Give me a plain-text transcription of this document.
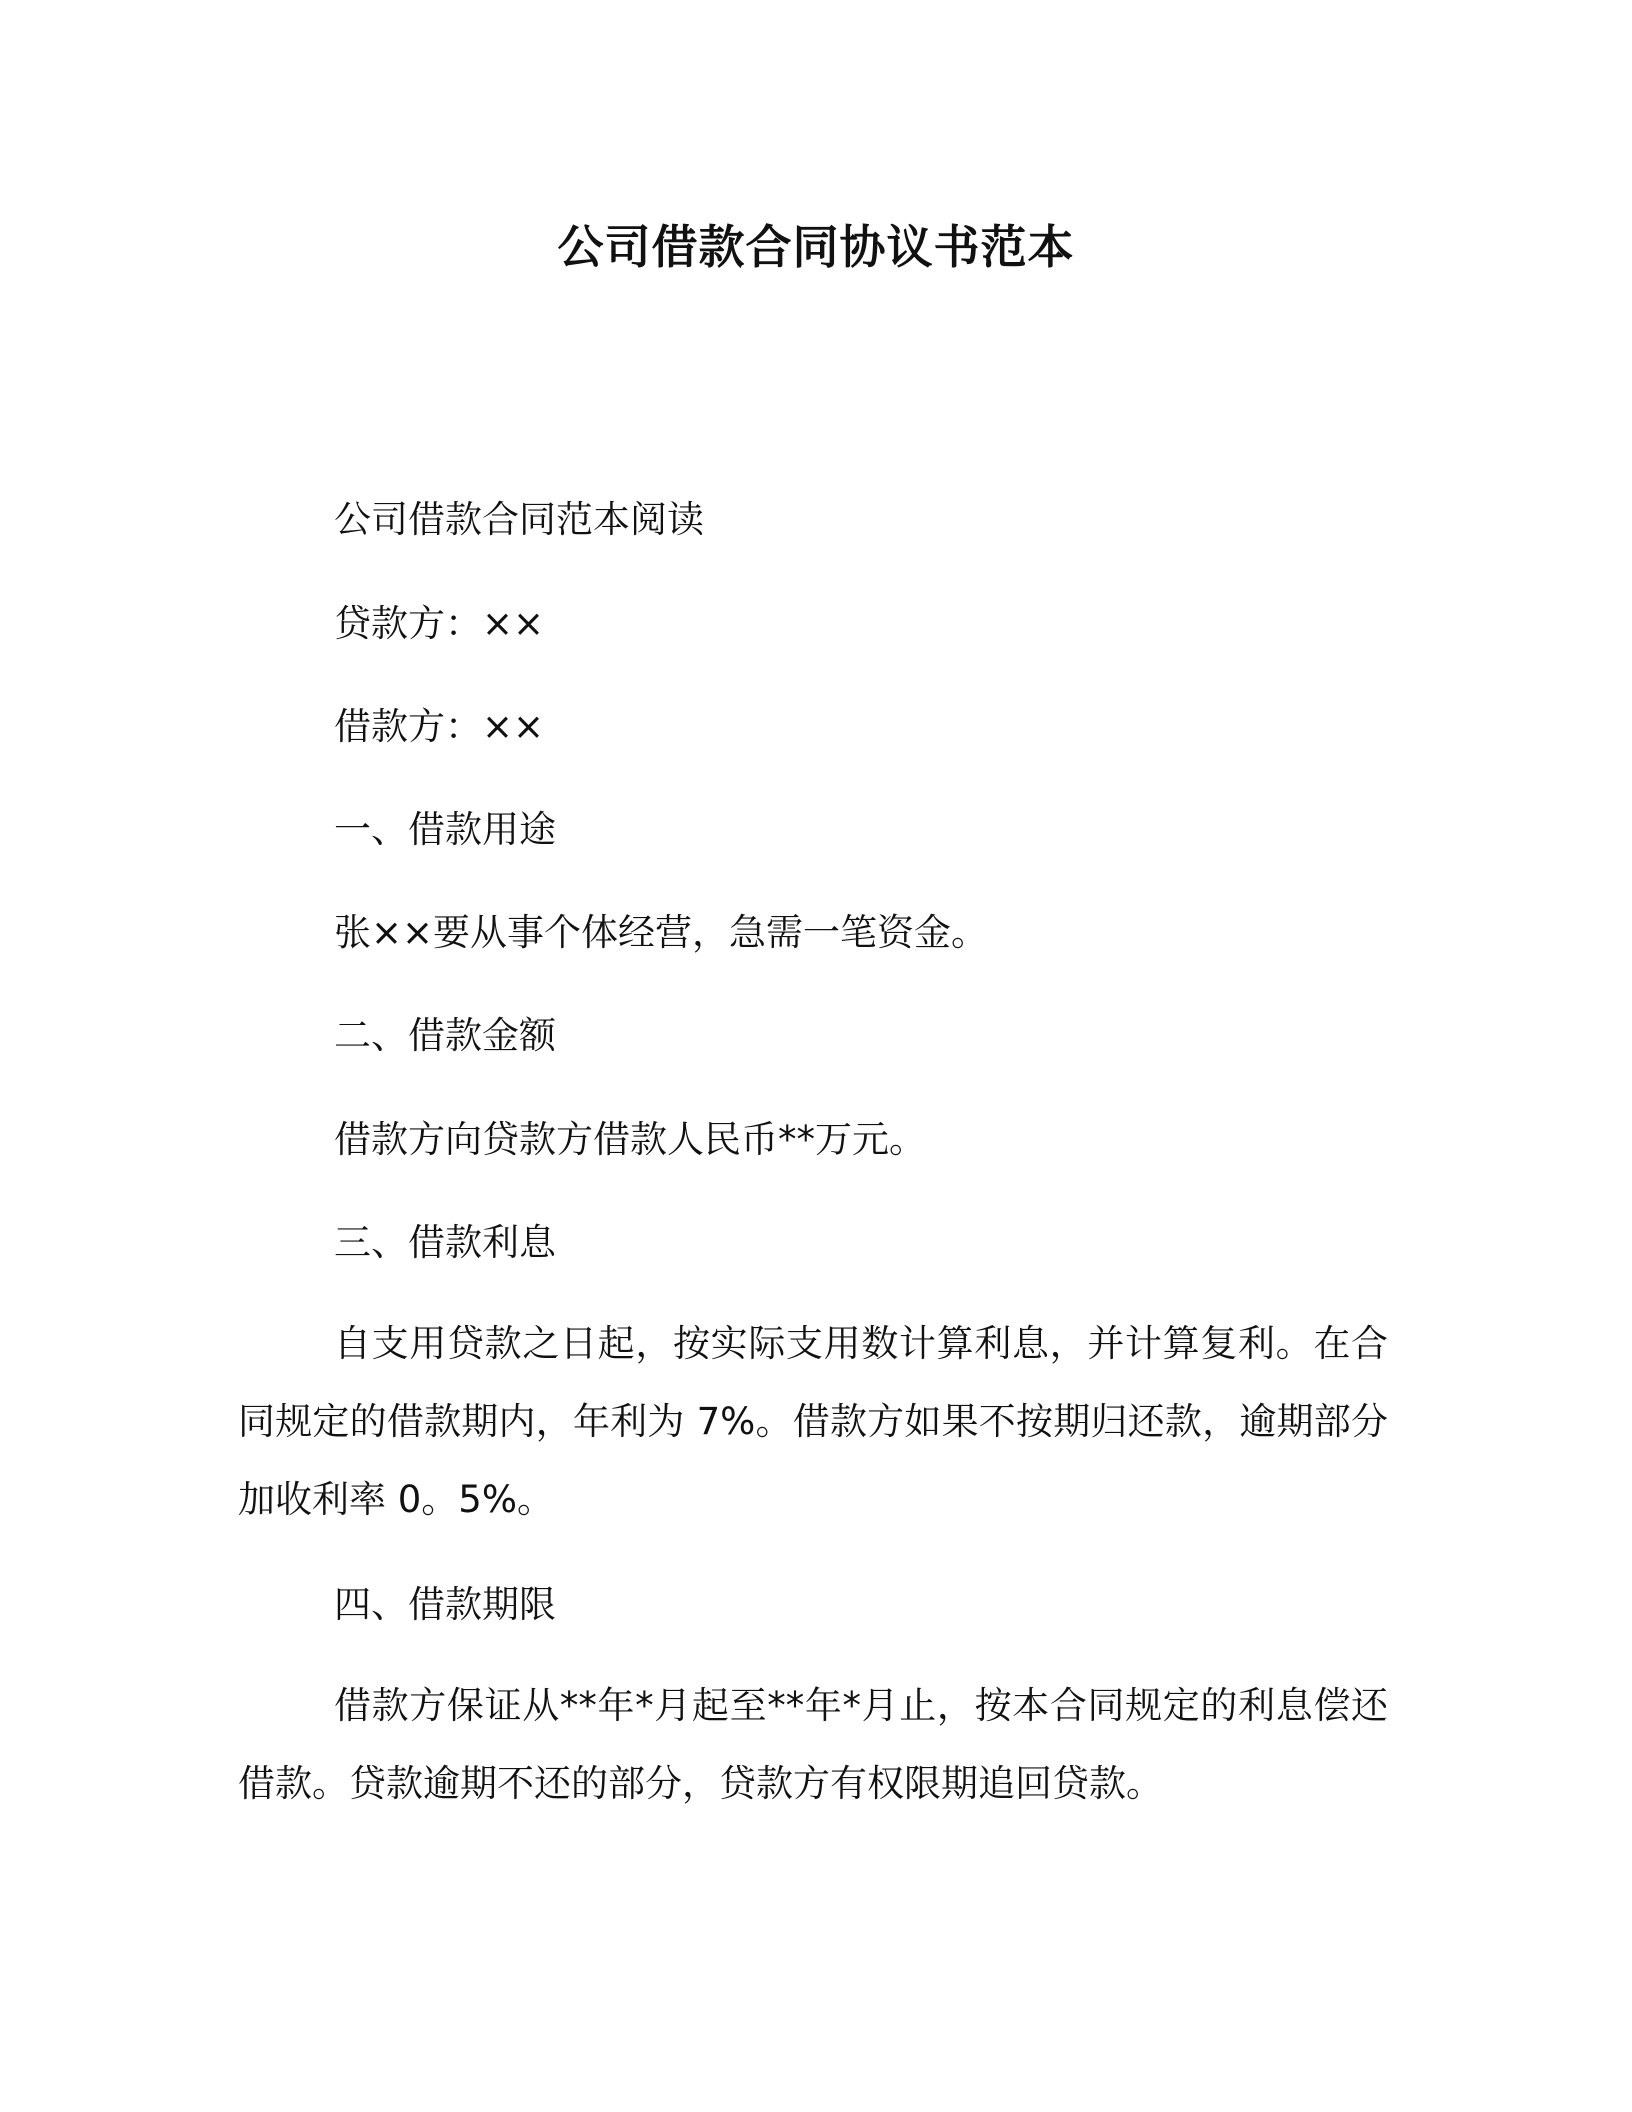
公司借款合同协议书范本
公司借款合同范本阅读
贷款方：××
借款方：××
一、借款用途
张××要从事个体经营，急需一笔资金。
二、借款金额
借款方向贷款方借款人民币**万元。
三、借款利息
自支用贷款之日起，按实际支用数计算利息，并计算复利。在合同规定的借款期内，年利为 7%。借款方如果不按期归还款，逾期部分加收利率 0。5%。
四、借款期限
借款方保证从**年*月起至**年*月止，按本合同规定的利息偿还借款。贷款逾期不还的部分，贷款方有权限期追回贷款。
